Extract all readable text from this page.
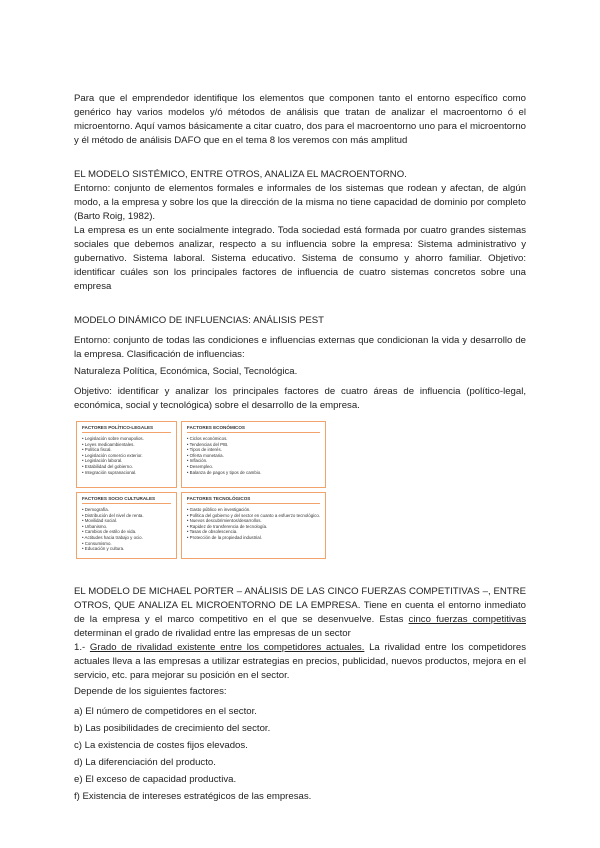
Para que el emprendedor identifique los elementos que componen tanto el entorno específico como genérico hay varios modelos y/ó métodos de análisis que tratan de analizar el macroentorno ó el microentorno. Aquí vamos básicamente a citar cuatro, dos para el macroentorno uno para el microentorno y él método de análisis DAFO que en el tema 8 los veremos con más amplitud

EL MODELO SISTÉMICO, ENTRE OTROS, ANALIZA EL MACROENTORNO.

Entorno: conjunto de elementos formales e informales de los sistemas que rodean y afectan, de algún modo, a la empresa y sobre los que la dirección de la misma no tiene capacidad de dominio por completo (Barto Roig, 1982).

La empresa es un ente socialmente integrado. Toda sociedad está formada por cuatro grandes sistemas sociales que debemos analizar, respecto a su influencia sobre la empresa: Sistema administrativo y gubernativo. Sistema laboral. Sistema educativo. Sistema de consumo y ahorro familiar. Objetivo: identificar cuáles son los principales factores de influencia de cuatro sistemas concretos sobre una empresa

MODELO DINÁMICO DE INFLUENCIAS: ANÁLISIS PEST

Entorno: conjunto de todas las condiciones e influencias externas que condicionan la vida y desarrollo de la empresa. Clasificación de influencias:

Naturaleza Política, Económica, Social, Tecnológica.

Objetivo: identificar y analizar los principales factores de cuatro áreas de influencia (político-legal, económica, social y tecnológica) sobre el desarrollo de la empresa.

FACTORES POLÍTICO-LEGALES
• Legislación sobre monopolios.
• Leyes medioambientales.
• Política fiscal.
• Legislación comercio exterior.
• Legislación laboral.
• Estabilidad del gobierno.
• Integración supranacional.
FACTORES ECONÓMICOS
• Ciclos económicos.
• Tendencias del PIB.
• Tipos de interés.
• Oferta monetaria.
• Inflación.
• Desempleo.
• Balanza de pagos y tipos de cambio.
FACTORES SOCIO CULTURALES
• Demografía.
• Distribución del nivel de renta.
• Movilidad social.
• Urbanismo.
• Cambios de estilo de vida.
• Actitudes hacia trabajo y ocio.
• Consumismo.
• Educación y cultura.
FACTORES TECNOLÓGICOS
• Gasto público en investigación.
• Política del gobierno y del sector en cuanto a esfuerzo tecnológico.
• Nuevos descubrimientos/desarrollos.
• Rapidez de transferencia de tecnología.
• Tasas de obsolescencia.
• Protección de la propiedad industrial.

EL MODELO DE MICHAEL PORTER – ANÁLISIS DE LAS CINCO FUERZAS COMPETITIVAS –, ENTRE OTROS, QUE ANALIZA EL MICROENTORNO DE LA EMPRESA. Tiene en cuenta el entorno inmediato de la empresa y el marco competitivo en el que se desenvuelve. Estas cinco fuerzas competitivas determinan el grado de rivalidad entre las empresas de un sector

1.- Grado de rivalidad existente entre los competidores actuales. La rivalidad entre los competidores actuales lleva a las empresas a utilizar estrategias en precios, publicidad, nuevos productos, mejora en el servicio, etc. para mejorar su posición en el sector.

Depende de los siguientes factores:

a) El número de competidores en el sector.

b) Las posibilidades de crecimiento del sector.

c) La existencia de costes fijos elevados.

d) La diferenciación del producto.

e) El exceso de capacidad productiva.

f) Existencia de intereses estratégicos de las empresas.
